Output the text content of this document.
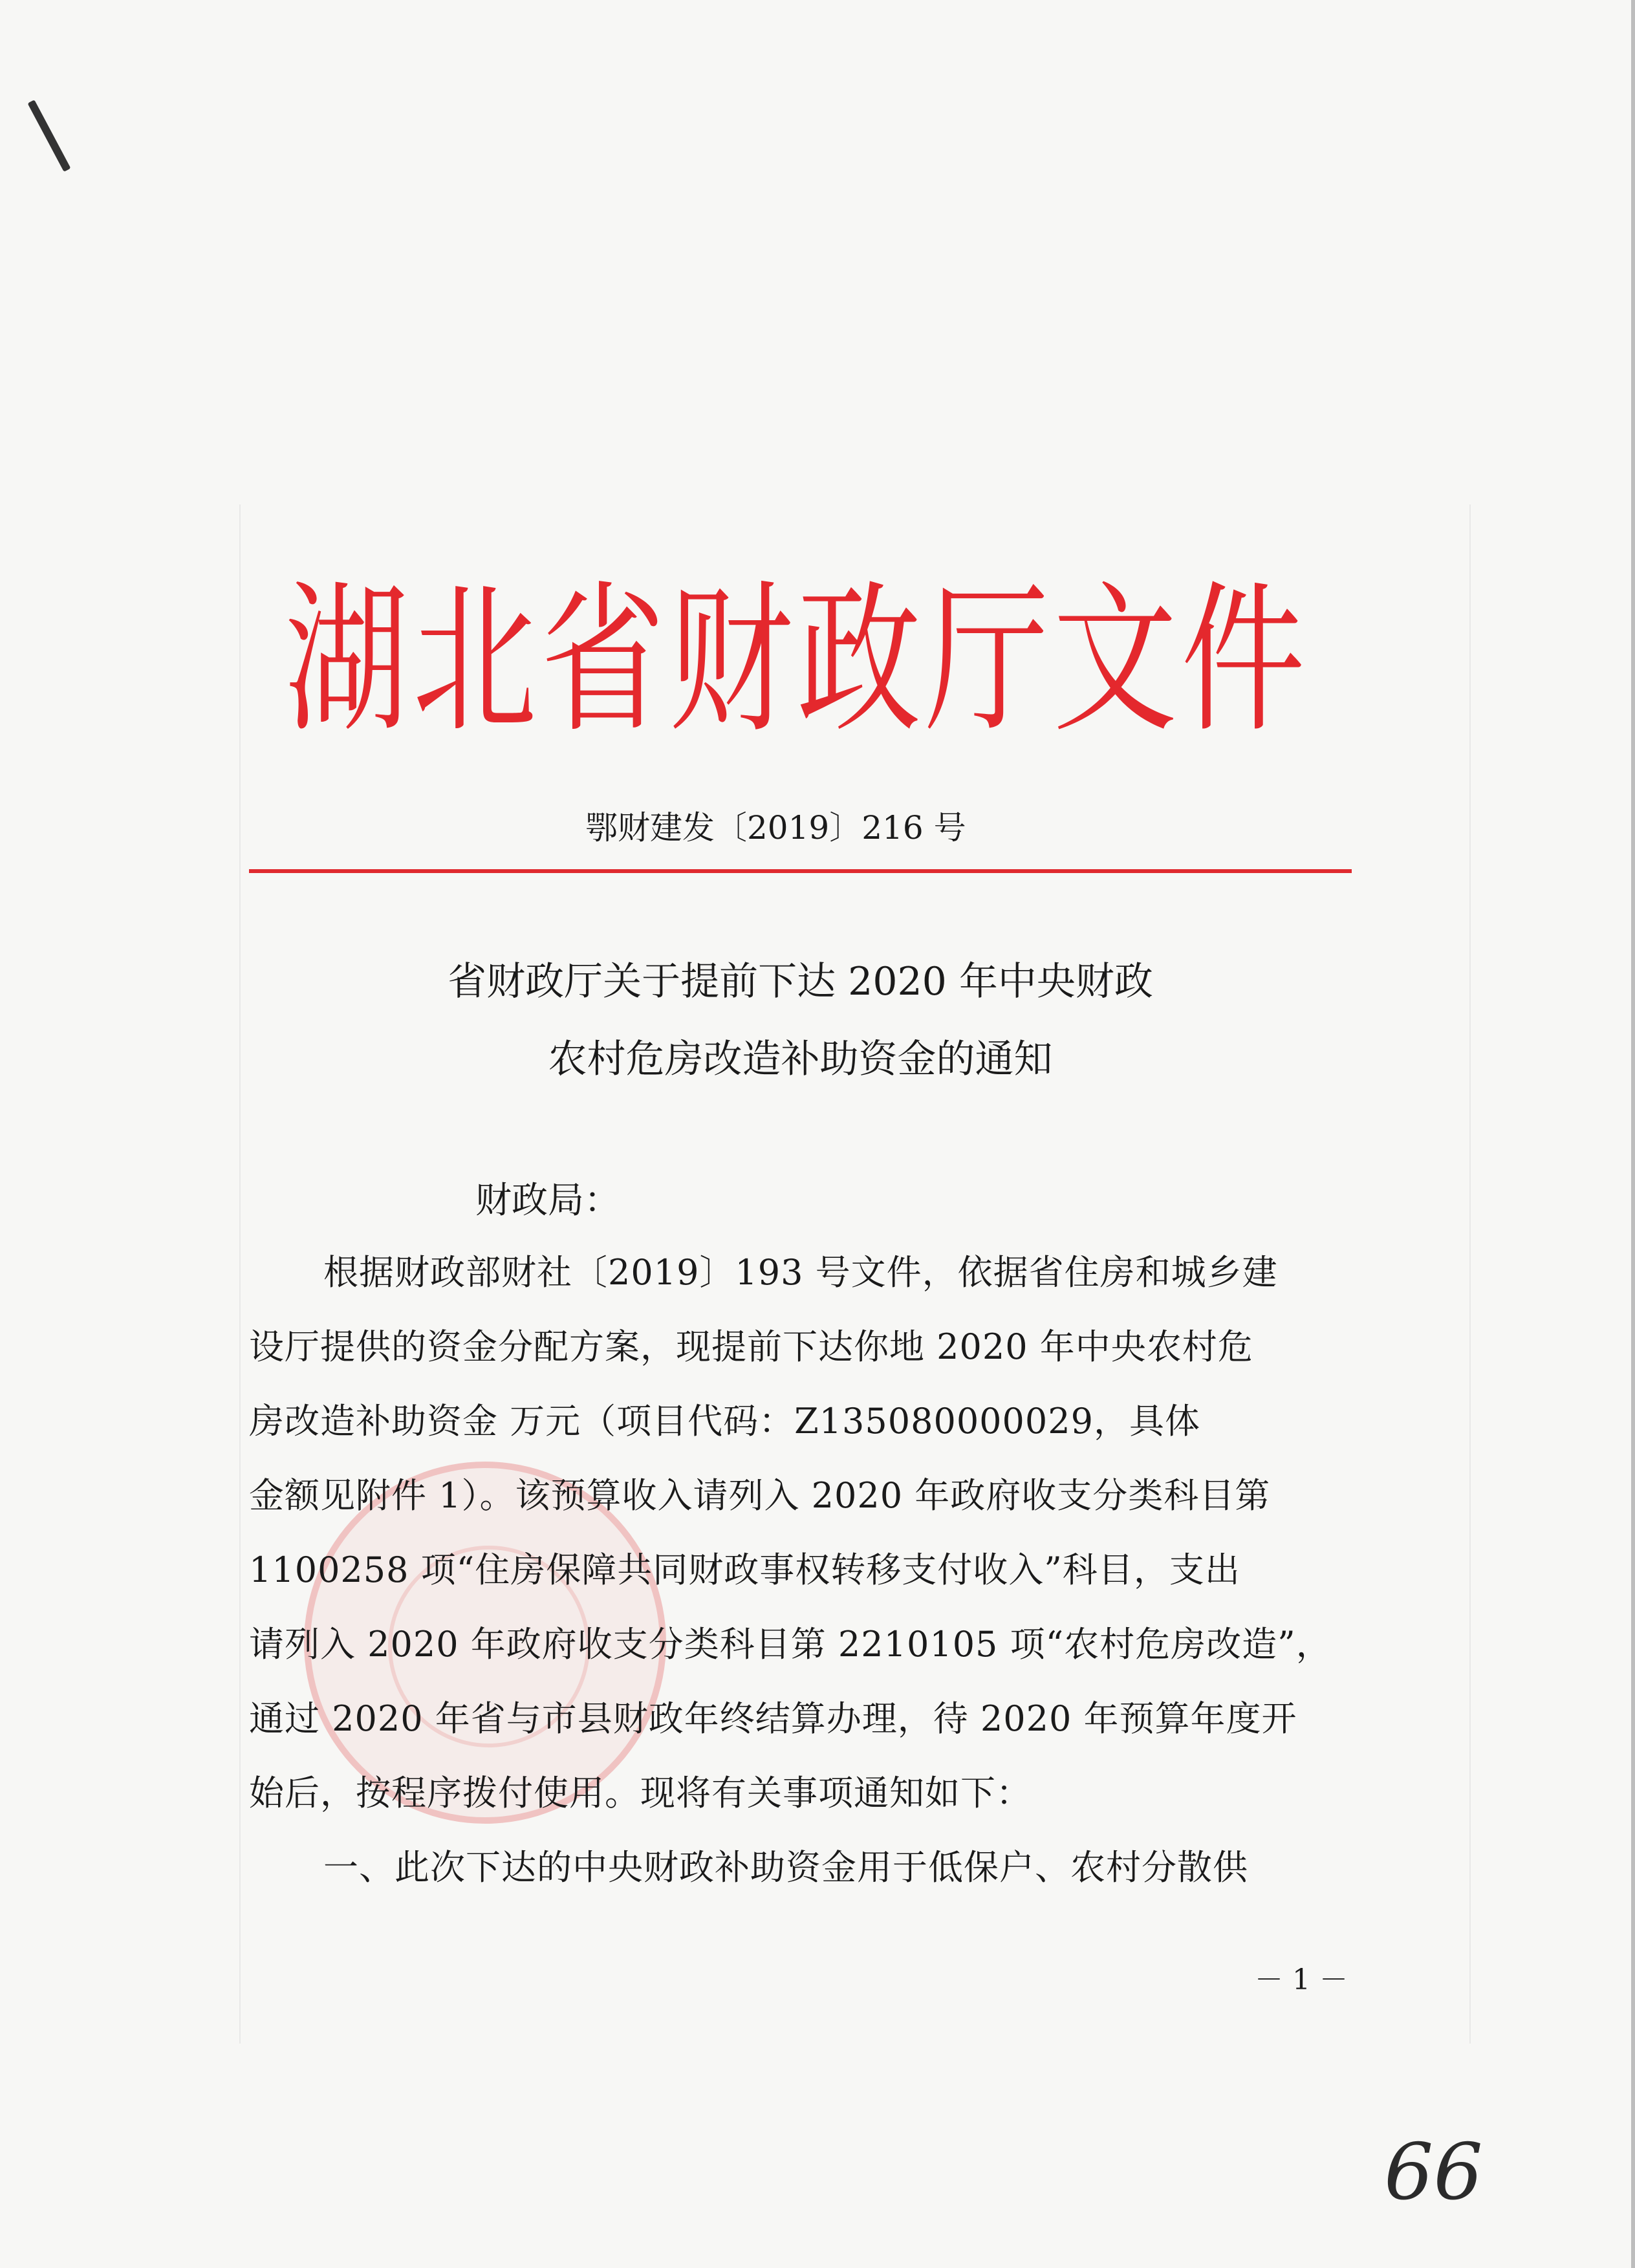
湖北省财政厅文件
鄂财建发〔2019〕216 号
省财政厅关于提前下达 2020 年中央财政
农村危房改造补助资金的通知
财政局：
根据财政部财社〔2019〕193 号文件，依据省住房和城乡建
设厅提供的资金分配方案，现提前下达你地 2020 年中央农村危
房改造补助资金 万元（项目代码：Z135080000029，具体
金额见附件 1）。该预算收入请列入 2020 年政府收支分类科目第
1100258 项“住房保障共同财政事权转移支付收入”科目，支出
请列入 2020 年政府收支分类科目第 2210105 项“农村危房改造”，
通过 2020 年省与市县财政年终结算办理，待 2020 年预算年度开
始后，按程序拨付使用。现将有关事项通知如下：
一、此次下达的中央财政补助资金用于低保户、农村分散供
－ 1 －
66
